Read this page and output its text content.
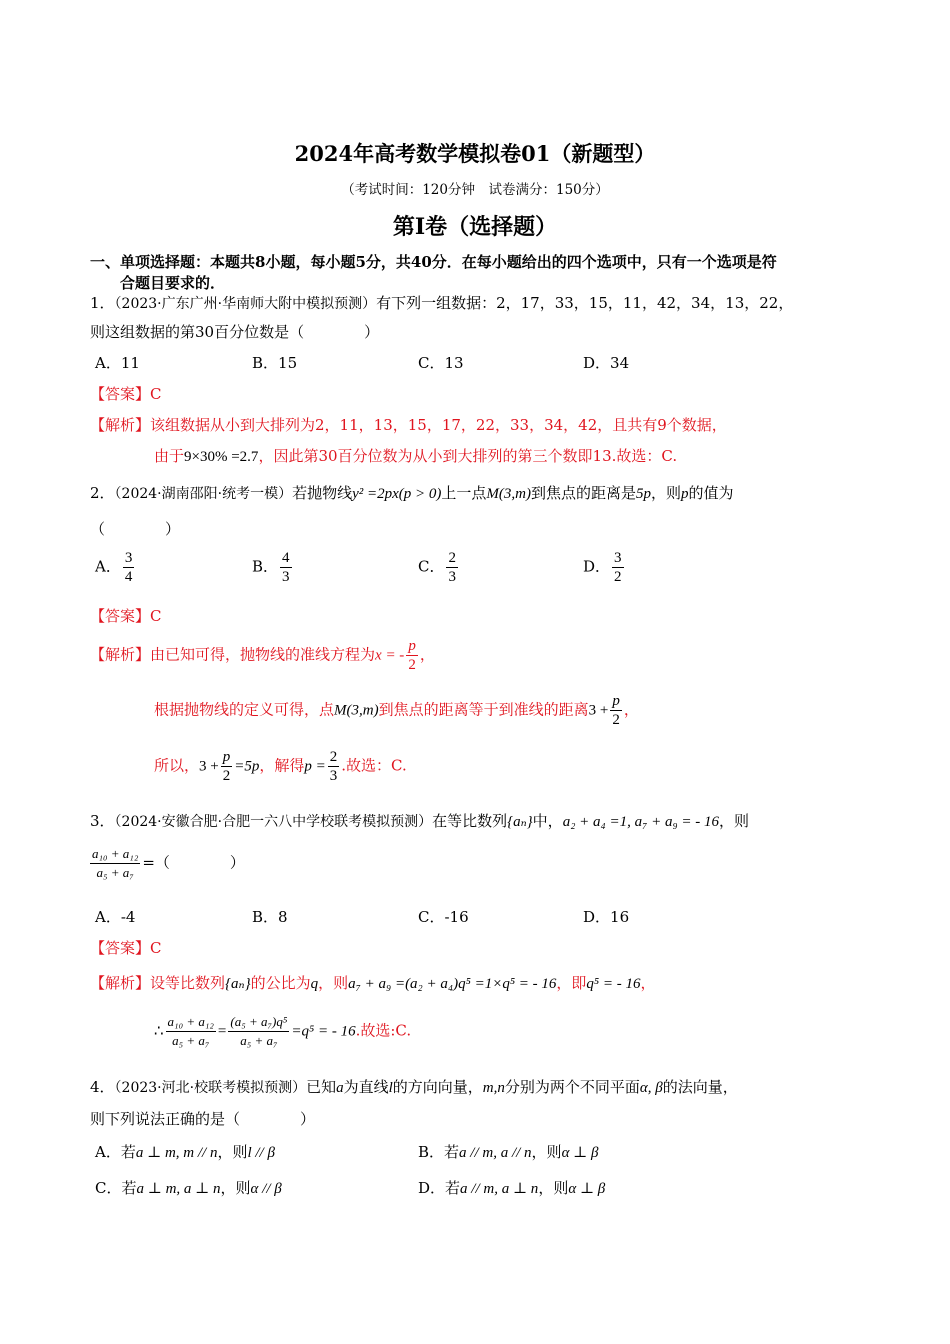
2024年高考数学模拟卷01（新题型）
（考试时间：120分钟　试卷满分：150分）
第I卷（选择题）
一、单项选择题：本题共8小题，每小题5分，共40分．在每小题给出的四个选项中，只有一个选项是符
合题目要求的．
1．（2023·广东广州·华南师大附中模拟预测）有下列一组数据：2，17，33，15，11，42，34，13，22，
则这组数据的第30百分位数是（　　　　）
A．11	B．15	C．13	D．34
【答案】C
【解析】该组数据从小到大排列为2，11，13，15，17，22，33，34，42，且共有9个数据，
由于9×30% =2.7，因此第30百分位数为从小到大排列的第三个数即13.故选：C.
2．（2024·湖南邵阳·统考一模）若抛物线y² =2px(p > 0)上一点M(3,m)到焦点的距离是5p，则p的值为
（　　　　）
A． $\frac{3}{4}$	B． $\frac{4}{3}$	C． $\frac{2}{3}$	D． $\frac{3}{2}$
【答案】C
【解析】由已知可得，抛物线的准线方程为x = - $\frac{p}{2}$ ，
根据抛物线的定义可得，点M(3,m)到焦点的距离等于到准线的距离$3 + \frac{p}{2}$ ，
所以，$3 + \frac{p}{2} =5p$，解得$p = \frac{2}{3}$ .故选：C.
3．（2024·安徽合肥·合肥一六八中学校联考模拟预测）在等比数列{aₙ}中，a₂ + a₄ =1, a₇ + a₉ = - 16，则
$\frac{\text{a₁₀ + a₁₂}}{\text{a₅ + a₇}}$ =（　　　　）
A．-4	B．8	C．-16	D．16
【答案】C
【解析】设等比数列{aₙ}的公比为q，则a₇ + a₉ =(a₂ + a₄)q⁵ =1×q⁵ = - 16，即q⁵ = - 16，
∴ $\frac{\text{a₁₀ + a₁₂}}{\text{a₅ + a₇}} = \frac{\text{(a₅ + a₇)q⁵}}{\text{a₅ + a₇}} =q^5$ = - 16.故选:C.
4．（2023·河北·校联考模拟预测）已知a为直线l的方向向量，m,n分别为两个不同平面α, β的法向量，
则下列说法正确的是（　　　　）
A．若a ⊥ m, m // n，则l // β	B．若a // m, a // n，则α ⊥ β
C．若a ⊥ m, a ⊥ n，则α // β	D．若a // m, a ⊥ n，则α ⊥ β
